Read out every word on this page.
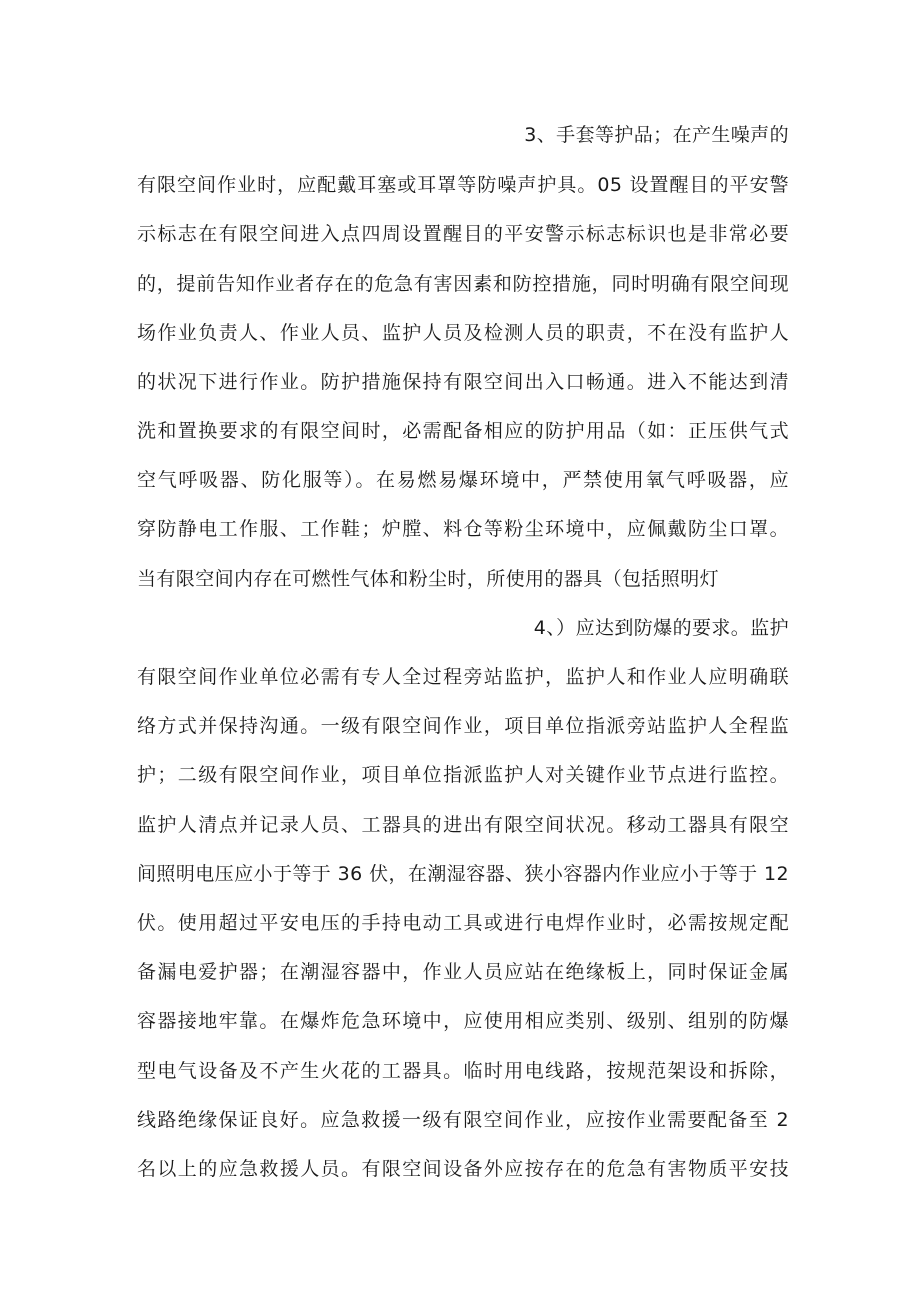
3、手套等护品；在产生噪声的
有限空间作业时，应配戴耳塞或耳罩等防噪声护具。05 设置醒目的平安警
示标志在有限空间进入点四周设置醒目的平安警示标志标识也是非常必要
的，提前告知作业者存在的危急有害因素和防控措施，同时明确有限空间现
场作业负责人、作业人员、监护人员及检测人员的职责，不在没有监护人
的状况下进行作业。防护措施保持有限空间出入口畅通。进入不能达到清
洗和置换要求的有限空间时，必需配备相应的防护用品（如：正压供气式
空气呼吸器、防化服等）。在易燃易爆环境中，严禁使用氧气呼吸器，应
穿防静电工作服、工作鞋；炉膛、料仓等粉尘环境中，应佩戴防尘口罩。
当有限空间内存在可燃性气体和粉尘时，所使用的器具（包括照明灯
4、）应达到防爆的要求。监护
有限空间作业单位必需有专人全过程旁站监护，监护人和作业人应明确联
络方式并保持沟通。一级有限空间作业，项目单位指派旁站监护人全程监
护；二级有限空间作业，项目单位指派监护人对关键作业节点进行监控。
监护人清点并记录人员、工器具的进出有限空间状况。移动工器具有限空
间照明电压应小于等于 36 伏，在潮湿容器、狭小容器内作业应小于等于 12
伏。使用超过平安电压的手持电动工具或进行电焊作业时，必需按规定配
备漏电爱护器；在潮湿容器中，作业人员应站在绝缘板上，同时保证金属
容器接地牢靠。在爆炸危急环境中，应使用相应类别、级别、组别的防爆
型电气设备及不产生火花的工器具。临时用电线路，按规范架设和拆除，
线路绝缘保证良好。应急救援一级有限空间作业，应按作业需要配备至 2
名以上的应急救援人员。有限空间设备外应按存在的危急有害物质平安技
